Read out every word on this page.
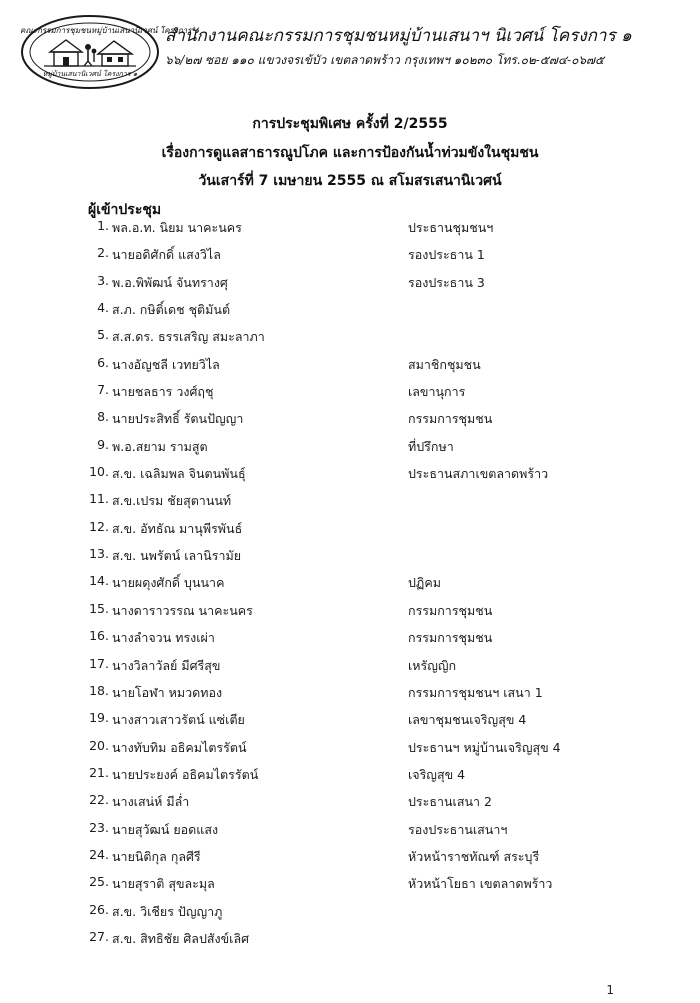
คณะกรรมการชุมชนหมู่บ้านเสนานิเวศน์ โครงการ ๑
หมู่บ้านเสนานิเวศน์ โครงการ ๑
สำนักงานคณะกรรมการชุมชนหมู่บ้านเสนาฯ นิเวศน์ โครงการ ๑
๖๖/๒๗ ซอย ๑๑๐ แขวงจรเข้บัว เขตลาดพร้าว กรุงเทพฯ ๑๐๒๓๐ โทร.๐๒-๕๗๔-๐๖๗๕
การประชุมพิเศษ ครั้งที่ 2/2555
เรื่องการดูแลสาธารณูปโภค และการป้องกันน้ำท่วมขังในชุมชน
วันเสาร์ที่ 7 เมษายน 2555 ณ สโมสรเสนานิเวศน์
ผู้เข้าประชุม
1. พล.อ.ท. นิยม นาคะนคร	ประธานชุมชนฯ
2. นายอดิศักดิ์ แสงวิไล	รองประธาน 1
3. พ.อ.พิพัฒน์ จันทรางศุ	รองประธาน 3
4. ส.ภ. กษิติ์เดช ชุติมันต์
5. ส.ส.ดร. ธรรเสริญ สมะลาภา
6. นางอัญชลี เวทยวิไล	สมาชิกชุมชน
7. นายชลธาร วงศ์ฤชุ	เลขานุการ
8. นายประสิทธิ์ รัตนปัญญา	กรรมการชุมชน
9. พ.อ.สยาม รามสูต	ที่ปรึกษา
10. ส.ข. เฉลิมพล จินตนพันธุ์	ประธานสภาเขตลาดพร้าว
11. ส.ข.เปรม ชัยสุตานนท์
12. ส.ข. อัทธัณ มานุพีรพันธ์
13. ส.ข. นพรัตน์ เลานิรามัย
14. นายผดุงศักดิ์ บุนนาค	ปฏิคม
15. นางดาราวรรณ นาคะนคร	กรรมการชุมชน
16. นางลำจวน ทรงเผ่า	กรรมการชุมชน
17. นางวิลาวัลย์ มีศรีสุข	เหรัญญิก
18. นายโอฬา หมวดทอง	กรรมการชุมชนฯ เสนา 1
19. นางสาวเสาวรัตน์ แซ่เตีย	เลขาชุมชนเจริญสุข 4
20. นางทับทิม อธิคมไตรรัตน์	ประธานฯ หมู่บ้านเจริญสุข 4
21. นายประยงค์ อธิคมไตรรัตน์	เจริญสุข 4
22. นางเสน่ห์ มีล่ำ	ประธานเสนา 2
23. นายสุวัฒน์ ยอดแสง	รองประธานเสนาฯ
24. นายนิติกุล กุลศีรี	หัวหน้าราชทัณฑ์ สระบุรี
25. นายสุราติ สุขละมุล	หัวหน้าโยธา เขตลาดพร้าว
26. ส.ข. วิเชียร ปัญญาภู
27. ส.ข. สิทธิชัย ศิลปสังข์เลิศ
1
